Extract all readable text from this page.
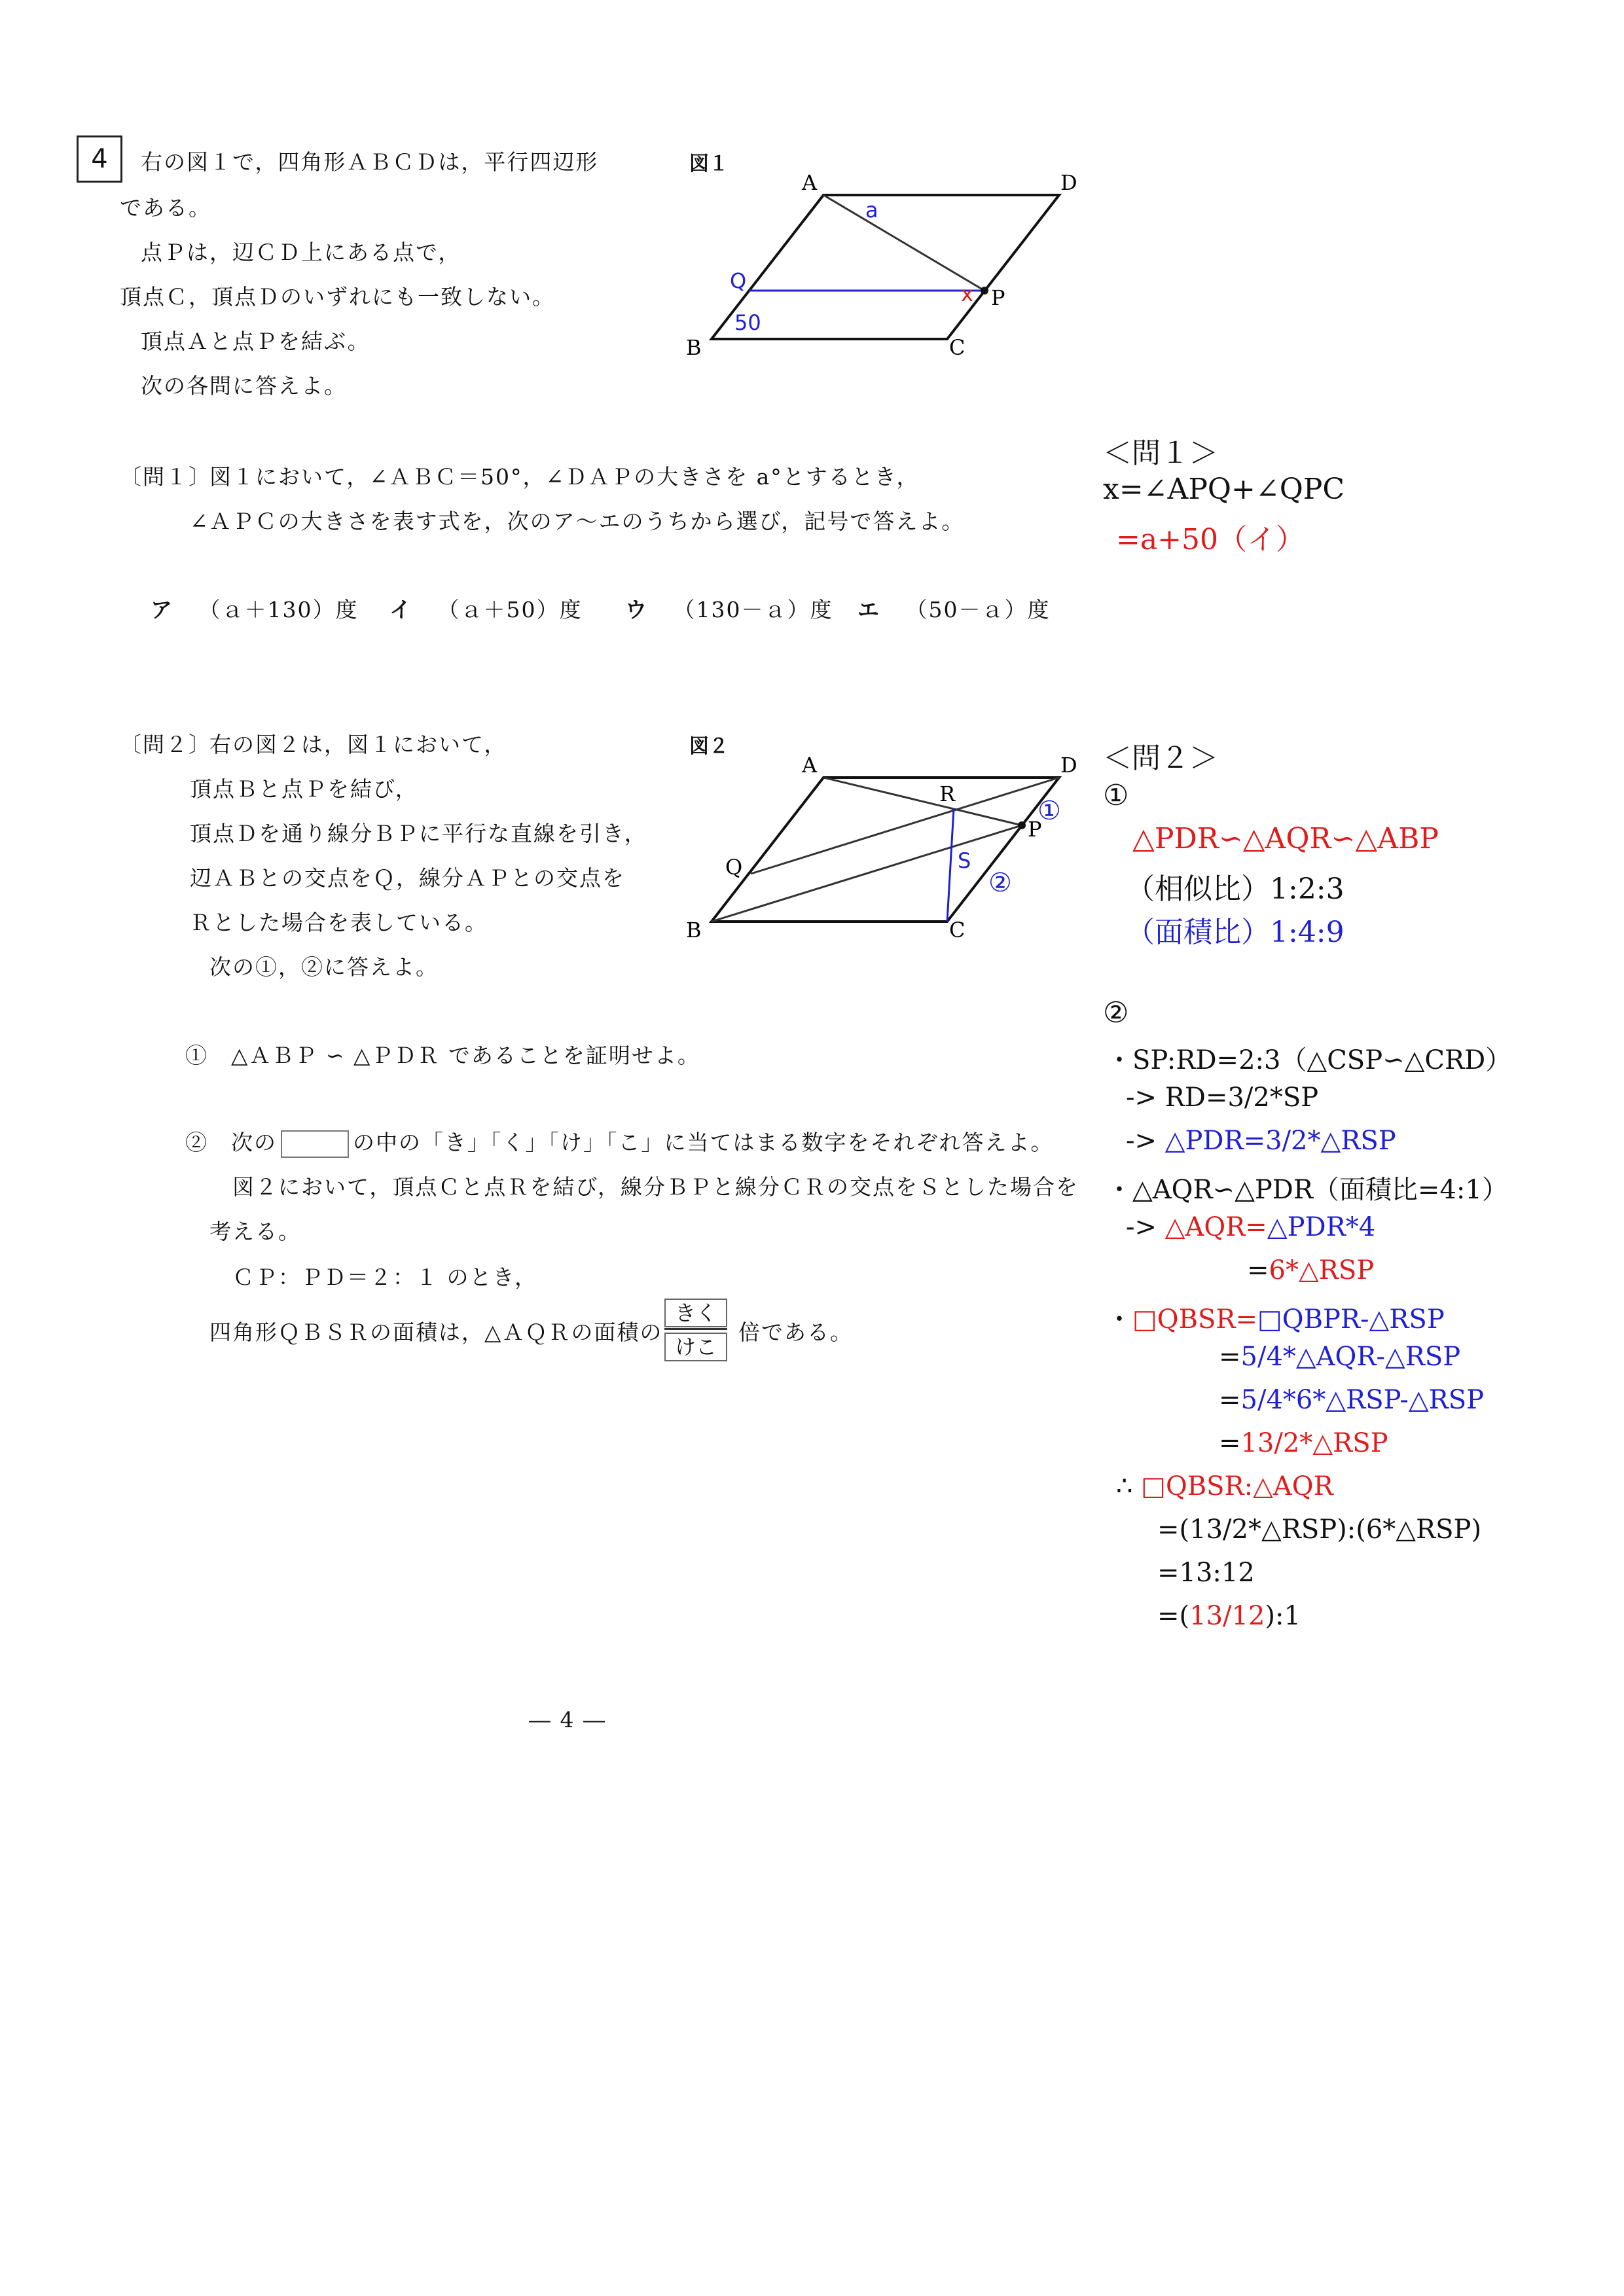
4	右の図１で，四角形ＡＢＣＤは，平行四辺形
である。
点Ｐは，辺ＣＤ上にある点で，
頂点Ｃ，頂点Ｄのいずれにも一致しない。
頂点Ａと点Ｐを結ぶ。
次の各問に答えよ。
図１
A	D
B	C
P
Q
a
x
50
〔問１〕
図１において，∠ＡＢＣ＝50°，∠ＤＡＰの大きさを a°とするとき，
∠ＡＰＣの大きさを表す式を，次のア～エのうちから選び，記号で答えよ。
ア （ａ＋130）度 イ （ａ＋50）度 ウ （130－ａ）度 エ （50－ａ）度
＜問１＞
x=∠APQ+∠QPC
=a+50（イ）
〔問２〕
右の図２は，図１において，
頂点Ｂと点Ｐを結び，
頂点Ｄを通り線分ＢＰに平行な直線を引き，
辺ＡＢとの交点をＱ，線分ＡＰとの交点を
Ｒとした場合を表している。
次の①，②に答えよ。
図２
A	D
B	C
P
Q
R
S
①
②
①　△ＡＢＰ ∽ △ＰＤＲ であることを証明せよ。
②　次の	の中の「き」「く」「け」「こ」に当てはまる数字をそれぞれ答えよ。
図２において，頂点Ｃと点Ｒを結び，線分ＢＰと線分ＣＲの交点をＳとした場合を
考える。
ＣＰ：ＰＤ＝２：１ のとき，
四角形ＱＢＳＲの面積は，△ＡＱＲの面積の
きく
けこ
倍である。
＜問２＞
①
△PDR∽△AQR∽△ABP
（相似比）1:2:3
（面積比）1:4:9
②
・SP:RD=2:3（△CSP∽△CRD）
-> RD=3/2*SP
-> △PDR=3/2*△RSP
・△AQR∽△PDR（面積比=4:1）
-> △AQR=△PDR*4
=6*△RSP
・□QBSR=□QBPR-△RSP
=5/4*△AQR-△RSP
=5/4*6*△RSP-△RSP
=13/2*△RSP
∴ □QBSR:△AQR
=(13/2*△RSP):(6*△RSP)
=13:12
=(13/12):1
― 4 ―
